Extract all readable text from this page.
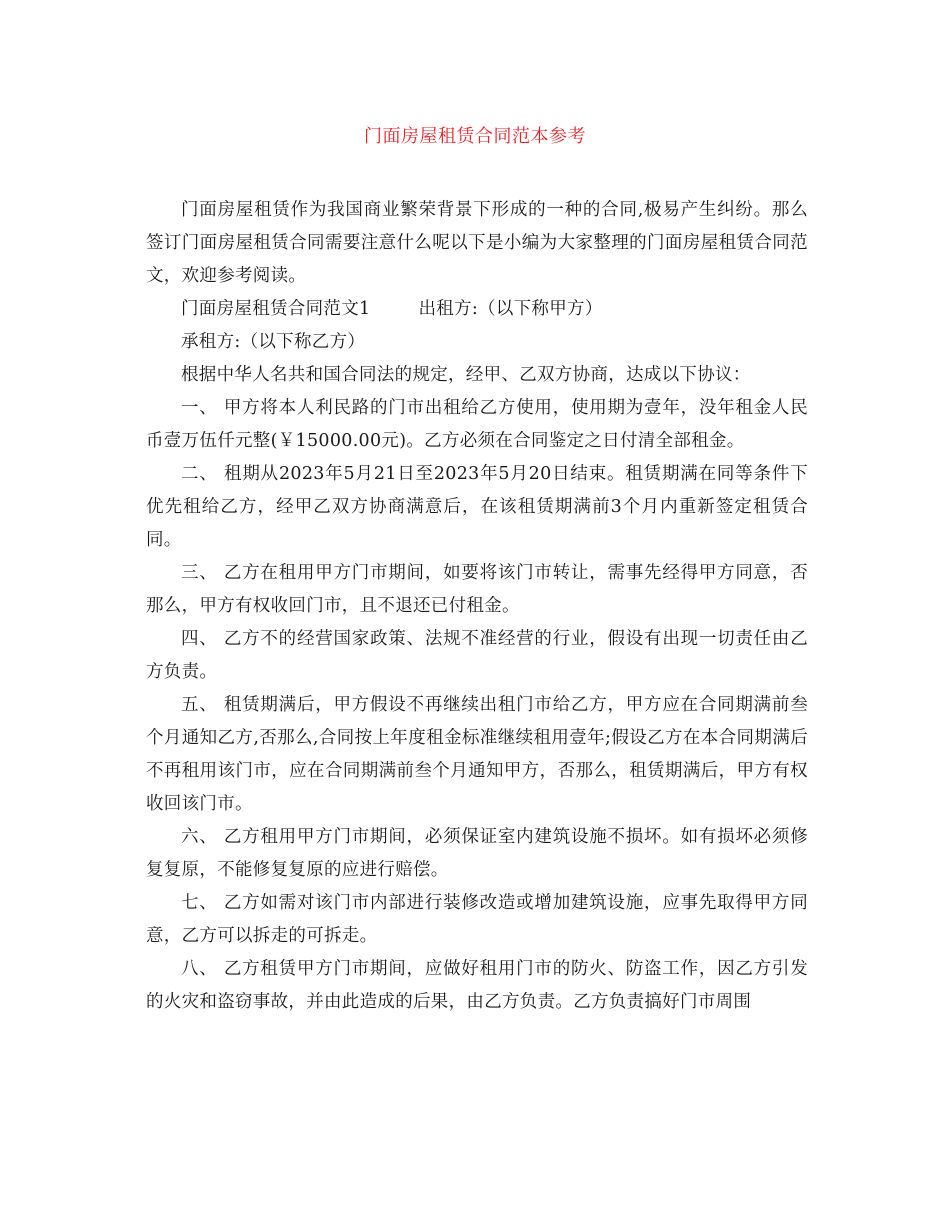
门面房屋租赁合同范本参考

门面房屋租赁作为我国商业繁荣背景下形成的一种的合同,极易产生纠纷。那么签订门面房屋租赁合同需要注意什么呢以下是小编为大家整理的门面房屋租赁合同范文，欢迎参考阅读。

门面房屋租赁合同范文1	出租方:（以下称甲方）

承租方:（以下称乙方）

根据中华人名共和国合同法的规定，经甲、乙双方协商，达成以下协议：

一、 甲方将本人利民路的门市出租给乙方使用，使用期为壹年，没年租金人民币壹万伍仟元整(￥15000.00元)。乙方必须在合同鉴定之日付清全部租金。

二、 租期从2023年5月21日至2023年5月20日结束。租赁期满在同等条件下优先租给乙方，经甲乙双方协商满意后，在该租赁期满前3个月内重新签定租赁合同。

三、 乙方在租用甲方门市期间，如要将该门市转让，需事先经得甲方同意，否那么，甲方有权收回门市，且不退还已付租金。

四、 乙方不的经营国家政策、法规不准经营的行业，假设有出现一切责任由乙方负责。

五、 租赁期满后，甲方假设不再继续出租门市给乙方，甲方应在合同期满前叁个月通知乙方,否那么,合同按上年度租金标准继续租用壹年;假设乙方在本合同期满后不再租用该门市，应在合同期满前叁个月通知甲方，否那么，租赁期满后，甲方有权收回该门市。

六、 乙方租用甲方门市期间，必须保证室内建筑设施不损坏。如有损坏必须修复复原，不能修复复原的应进行赔偿。

七、 乙方如需对该门市内部进行装修改造或增加建筑设施，应事先取得甲方同意，乙方可以拆走的可拆走。

八、 乙方租赁甲方门市期间，应做好租用门市的防火、防盗工作，因乙方引发的火灾和盗窃事故，并由此造成的后果，由乙方负责。乙方负责搞好门市周围
